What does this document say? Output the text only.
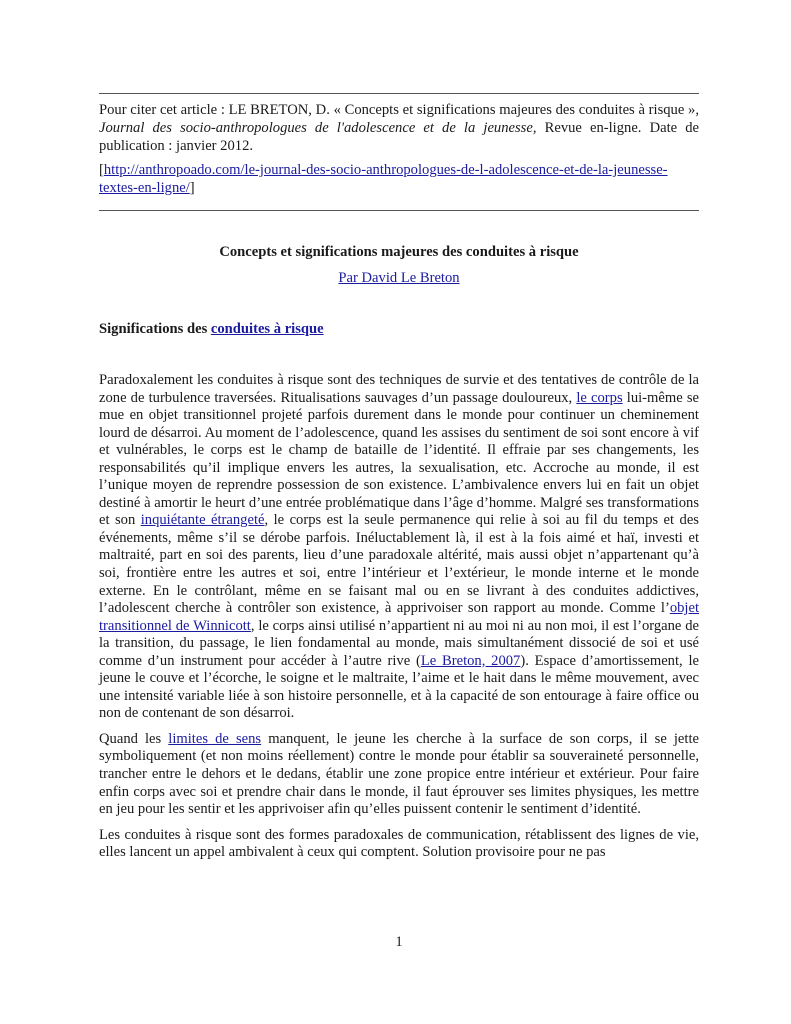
Pour citer cet article : LE BRETON, D. « Concepts et significations majeures des conduites à risque », Journal des socio-anthropologues de l'adolescence et de la jeunesse, Revue en-ligne. Date de publication : janvier 2012.

[http://anthropoado.com/le-journal-des-socio-anthropologues-de-l-adolescence-et-de-la-jeunesse-textes-en-ligne/]

Concepts et significations majeures des conduites à risque
Par David Le Breton
Significations des conduites à risque

Paradoxalement les conduites à risque sont des techniques de survie et des tentatives de contrôle de la zone de turbulence traversées. Ritualisations sauvages d’un passage douloureux, le corps lui-même se mue en objet transitionnel projeté parfois durement dans le monde pour continuer un cheminement lourd de désarroi. Au moment de l’adolescence, quand les assises du sentiment de soi sont encore à vif et vulnérables, le corps est le champ de bataille de l’identité. Il effraie par ses changements, les responsabilités qu’il implique envers les autres, la sexualisation, etc. Accroche au monde, il est l’unique moyen de reprendre possession de son existence. L’ambivalence envers lui en fait un objet destiné à amortir le heurt d’une entrée problématique dans l’âge d’homme. Malgré ses transformations et son inquiétante étrangeté, le corps est la seule permanence qui relie à soi au fil du temps et des événements, même s’il se dérobe parfois. Inéluctablement là, il est à la fois aimé et haï, investi et maltraité, part en soi des parents, lieu d’une paradoxale altérité, mais aussi objet n’appartenant qu’à soi, frontière entre les autres et soi, entre l’intérieur et l’extérieur, le monde interne et le monde externe. En le contrôlant, même en se faisant mal ou en se livrant à des conduites addictives, l’adolescent cherche à contrôler son existence, à apprivoiser son rapport au monde. Comme l’objet transitionnel de Winnicott, le corps ainsi utilisé n’appartient ni au moi ni au non moi, il est l’organe de la transition, du passage, le lien fondamental au monde, mais simultanément dissocié de soi et usé comme d’un instrument pour accéder à l’autre rive (Le Breton, 2007). Espace d’amortissement, le jeune le couve et l’écorche, le soigne et le maltraite, l’aime et le hait dans le même mouvement, avec une intensité variable liée à son histoire personnelle, et à la capacité de son entourage à faire office ou non de contenant de son désarroi.

Quand les limites de sens manquent, le jeune les cherche à la surface de son corps, il se jette symboliquement (et non moins réellement) contre le monde pour établir sa souveraineté personnelle, trancher entre le dehors et le dedans, établir une zone propice entre intérieur et extérieur. Pour faire enfin corps avec soi et prendre chair dans le monde, il faut éprouver ses limites physiques, les mettre en jeu pour les sentir et les apprivoiser afin qu’elles puissent contenir le sentiment d’identité.

Les conduites à risque sont des formes paradoxales de communication, rétablissent des lignes de vie, elles lancent un appel ambivalent à ceux qui comptent. Solution provisoire pour ne pas

1
